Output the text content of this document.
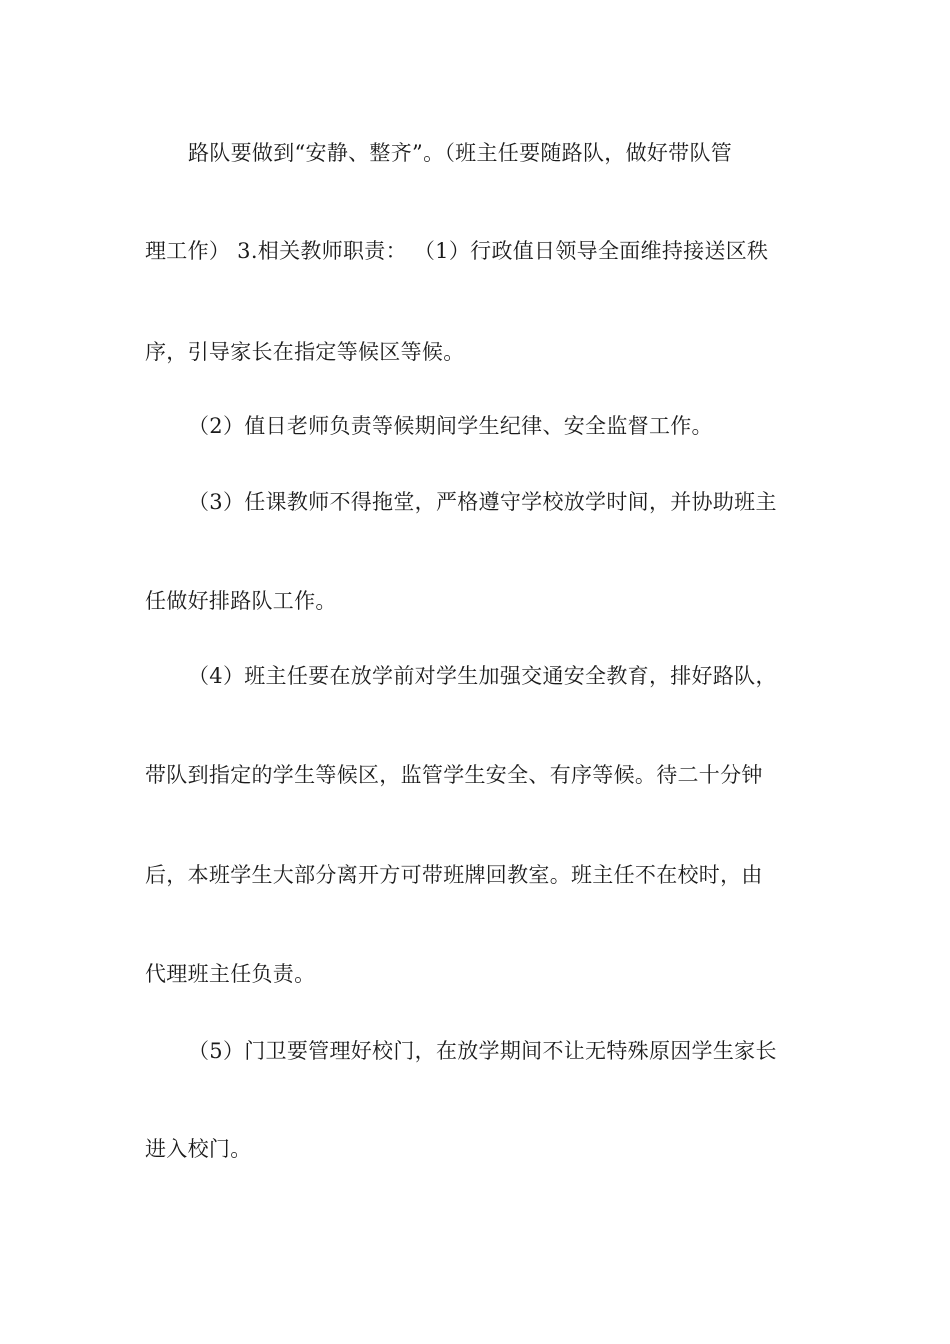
路队要做到“安静、整齐”。（班主任要随路队，做好带队管
理工作） 3.相关教师职责： （1）行政值日领导全面维持接送区秩
序，引导家长在指定等候区等候。
（2）值日老师负责等候期间学生纪律、安全监督工作。
（3）任课教师不得拖堂，严格遵守学校放学时间，并协助班主
任做好排路队工作。
（4）班主任要在放学前对学生加强交通安全教育，排好路队，
带队到指定的学生等候区，监管学生安全、有序等候。待二十分钟
后，本班学生大部分离开方可带班牌回教室。班主任不在校时，由
代理班主任负责。
（5）门卫要管理好校门，在放学期间不让无特殊原因学生家长
进入校门。
